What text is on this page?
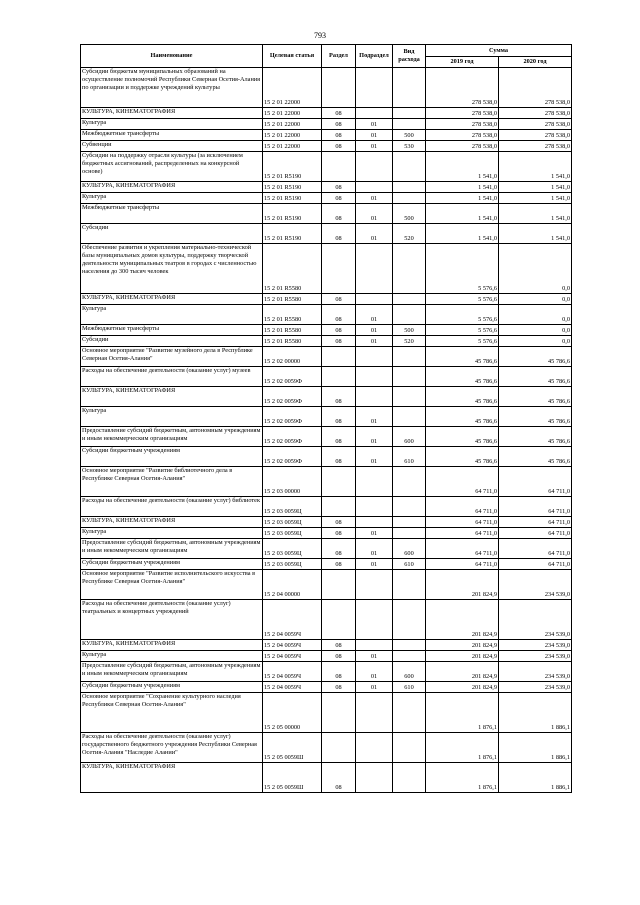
793
Наименование	Целевая статья	Раздел	Подраздел	Вид расхода	Сумма	
					2019 год	2020 год
Субсидии бюджетам муниципальных образований на осуществление полномочий Республики Северная Осетия-Алания по организации и поддержке учреждений культуры	15 2 01 22000				278 538,0	278 538,0
КУЛЬТУРА, КИНЕМАТОГРАФИЯ	15 2 01 22000	08			278 538,0	278 538,0
Культура	15 2 01 22000	08	01		278 538,0	278 538,0
Межбюджетные трансферты	15 2 01 22000	08	01	500	278 538,0	278 538,0
Субвенции	15 2 01 22000	08	01	530	278 538,0	278 538,0
Субсидии на поддержку отрасли культуры (за исключением бюджетных ассигнований, распределенных на конкурсной основе)	15 2 01 R5190				1 541,0	1 541,0
КУЛЬТУРА, КИНЕМАТОГРАФИЯ	15 2 01 R5190	08			1 541,0	1 541,0
Культура	15 2 01 R5190	08	01		1 541,0	1 541,0
Межбюджетные трансферты	15 2 01 R5190	08	01	500	1 541,0	1 541,0
Субсидии	15 2 01 R5190	08	01	520	1 541,0	1 541,0
Обеспечение развития и укрепления материально-технической базы муниципальных домов культуры, поддержку творческой деятельности муниципальных театров в городах с численностью населения до 300 тысяч человек	15 2 01 R5580				5 576,6	0,0
КУЛЬТУРА, КИНЕМАТОГРАФИЯ	15 2 01 R5580	08			5 576,6	0,0
Культура	15 2 01 R5580	08	01		5 576,6	0,0
Межбюджетные трансферты	15 2 01 R5580	08	01	500	5 576,6	0,0
Субсидии	15 2 01 R5580	08	01	520	5 576,6	0,0
Основное мероприятие "Развитие музейного дела в Республике Северная Осетия-Алания"	15 2 02 00000				45 786,6	45 786,6
Расходы на обеспечение деятельности (оказание услуг) музеев	15 2 02 0059Ф				45 786,6	45 786,6
КУЛЬТУРА, КИНЕМАТОГРАФИЯ	15 2 02 0059Ф	08			45 786,6	45 786,6
Культура	15 2 02 0059Ф	08	01		45 786,6	45 786,6
Предоставление субсидий бюджетным, автономным учреждениям и иным некоммерческим организациям	15 2 02 0059Ф	08	01	600	45 786,6	45 786,6
Субсидии бюджетным учреждениям	15 2 02 0059Ф	08	01	610	45 786,6	45 786,6
Основное мероприятие "Развитие библиотечного дела в Республике Северная Осетия-Алания"	15 2 03 00000				64 711,0	64 711,0
Расходы на обеспечение деятельности (оказание услуг) библиотек	15 2 03 0059Ц				64 711,0	64 711,0
КУЛЬТУРА, КИНЕМАТОГРАФИЯ	15 2 03 0059Ц	08			64 711,0	64 711,0
Культура	15 2 03 0059Ц	08	01		64 711,0	64 711,0
Предоставление субсидий бюджетным, автономным учреждениям и иным некоммерческим организациям	15 2 03 0059Ц	08	01	600	64 711,0	64 711,0
Субсидии бюджетным учреждениям	15 2 03 0059Ц	08	01	610	64 711,0	64 711,0
Основное мероприятие "Развитие исполнительского искусства в Республике Северная Осетия-Алания"	15 2 04 00000				201 824,9	234 539,0
Расходы на обеспечение деятельности (оказание услуг) театральных и концертных учреждений	15 2 04 0059Ч				201 824,9	234 539,0
КУЛЬТУРА, КИНЕМАТОГРАФИЯ	15 2 04 0059Ч	08			201 824,9	234 539,0
Культура	15 2 04 0059Ч	08	01		201 824,9	234 539,0
Предоставление субсидий бюджетным, автономным учреждениям и иным некоммерческим организациям	15 2 04 0059Ч	08	01	600	201 824,9	234 539,0
Субсидии бюджетным учреждениям	15 2 04 0059Ч	08	01	610	201 824,9	234 539,0
Основное мероприятие "Сохранение культурного наследия Республики Северная Осетия-Алания"	15 2 05 00000				1 876,1	1 886,1
Расходы на обеспечение деятельности (оказание услуг) государственного бюджетного учреждения Республики Северная Осетия-Алания "Наследие Алании"	15 2 05 0059Ш				1 876,1	1 886,1
КУЛЬТУРА, КИНЕМАТОГРАФИЯ	15 2 05 0059Ш	08			1 876,1	1 886,1
